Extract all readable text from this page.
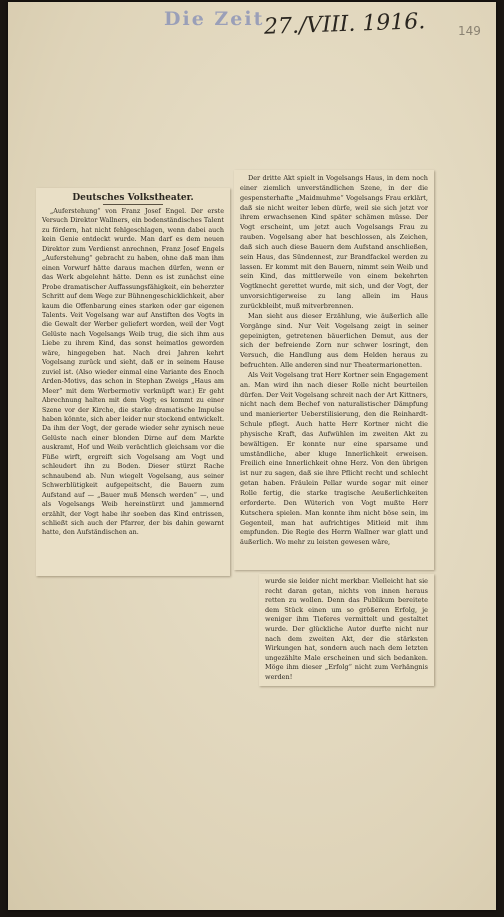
Die Zeit 27./VIII. 1916.	149

Deutsches Volkstheater.

„Auferstehung“ von Franz Josef Engel. Der erste Versuch Direktor Wallners, ein bodenständisches Talent zu fördern, hat nicht fehlgeschlagen, wenn dabei auch kein Genie entdeckt wurde. Man darf es dem neuen Direktor zum Verdienst anrechnen, Franz Josef Engels „Auferstehung“ gebracht zu haben, ohne daß man ihm einen Vorwurf hätte daraus machen dürfen, wenn er das Werk abgelehnt hätte. Denn es ist zunächst eine Probe dramatischer Auffassungsfähigkeit, ein beherzter Schritt auf dem Wege zur Bühnengeschicklichkeit, aber kaum die Offenbarung eines starken oder gar eigenen Talents. Veit Vogelsang war auf Anstiften des Vogts in die Gewalt der Werber geliefert worden, weil der Vogt Gelüste nach Vogelsangs Weib trug, die sich ihm aus Liebe zu ihrem Kind, das sonst heimatlos geworden wäre, hingegeben hat. Nach drei Jahren kehrt Vogelsang zurück und sieht, daß er in seinem Hause zuviel ist. (Also wieder einmal eine Variante des Enoch Arden-Motivs, das schon in Stephan Zweigs „Haus am Meer“ mit dem Werbermotiv verknüpft war.) Er geht Abrechnung halten mit dem Vogt; es kommt zu einer Szene vor der Kirche, die starke dramatische Impulse haben könnte, sich aber leider nur stockend entwickelt. Da ihm der Vogt, der gerade wieder sehr zynisch neue Gelüste nach einer blonden Dirne auf dem Markte auskramt, Hof und Weib verächtlich gleichsam vor die Füße wirft, ergreift sich Vogelsang am Vogt und schleudert ihn zu Boden. Dieser stürzt Rache schnaubend ab. Nun wiegelt Vogelsang, aus seiner Schwerblütigkeit aufgepeitscht, die Bauern zum Aufstand auf — „Bauer muß Mensch werden“ —, und als Vogelsangs Weib hereinstürzt und jammernd erzählt, der Vogt habe ihr soeben das Kind entrissen, schließt sich auch der Pfarrer, der bis dahin gewarnt hatte, den Aufständischen an.

Der dritte Akt spielt in Vogelsangs Haus, in dem noch einer ziemlich unverständlichen Szene, in der die gespensterhafte „Maidmuhme“ Vogelsangs Frau erklärt, daß sie nicht weiter leben dürfe, weil sie sich jetzt vor ihrem erwachsenen Kind später schämen müsse. Der Vogt erscheint, um jetzt auch Vogelsangs Frau zu rauben. Vogelsang aber hat beschlossen, als Zeichen, daß sich auch diese Bauern dem Aufstand anschließen, sein Haus, das Sündennest, zur Brandfackel werden zu lassen. Er kommt mit den Bauern, nimmt sein Weib und sein Kind, das mittlerweile von einem bekehrten Vogtknecht gerettet wurde, mit sich, und der Vogt, der unvorsichtigerweise zu lang allein im Haus zurückbleibt, muß mitverbrennen.

Man sieht aus dieser Erzählung, wie äußerlich alle Vorgänge sind. Nur Veit Vogelsang zeigt in seiner gepeinigten, getretenen bäuerlichen Demut, aus der sich der befreiende Zorn nur schwer losringt, den Versuch, die Handlung aus dem Helden heraus zu befruchten. Alle anderen sind nur Theatermarionetten.

Als Veit Vogelsang trat Herr Kortner sein Engagement an. Man wird ihn nach dieser Rolle nicht beurteilen dürfen. Der Veit Vogelsang schreit nach der Art Kittners, nicht nach dem Bechef von naturalistischer Dämpfung und manierierter Ueberstilisierung, den die Reinhardt-Schule pflegt. Auch hatte Herr Kortner nicht die physische Kraft, das Aufwühlen im zweiten Akt zu bewältigen. Er konnte nur eine sparsame und umständliche, aber kluge Innerlichkeit erweisen. Freilich eine Innerlichkeit ohne Herz. Von den übrigen ist nur zu sagen, daß sie ihre Pflicht recht und schlecht getan haben. Fräulein Pellar wurde sogar mit einer Rolle fertig, die starke tragische Aeußerlichkeiten erforderte. Den Wüterich von Vogt mußte Herr Kutschera spielen. Man konnte ihm nicht böse sein, im Gegenteil, man hat aufrichtiges Mitleid mit ihm empfunden. Die Regie des Herrn Wallner war glatt und äußerlich. Wo mehr zu leisten gewesen wäre,

wurde sie leider nicht merkbar. Vielleicht hat sie recht daran getan, nichts von innen heraus retten zu wollen. Denn das Publikum bereitete dem Stück einen um so größeren Erfolg, je weniger ihm Tieferes vermittelt und gestaltet wurde. Der glückliche Autor durfte nicht nur nach dem zweiten Akt, der die stärksten Wirkungen hat, sondern auch nach dem letzten ungezählte Male erscheinen und sich bedanken. Möge ihm dieser „Erfolg“ nicht zum Verhängnis werden!
